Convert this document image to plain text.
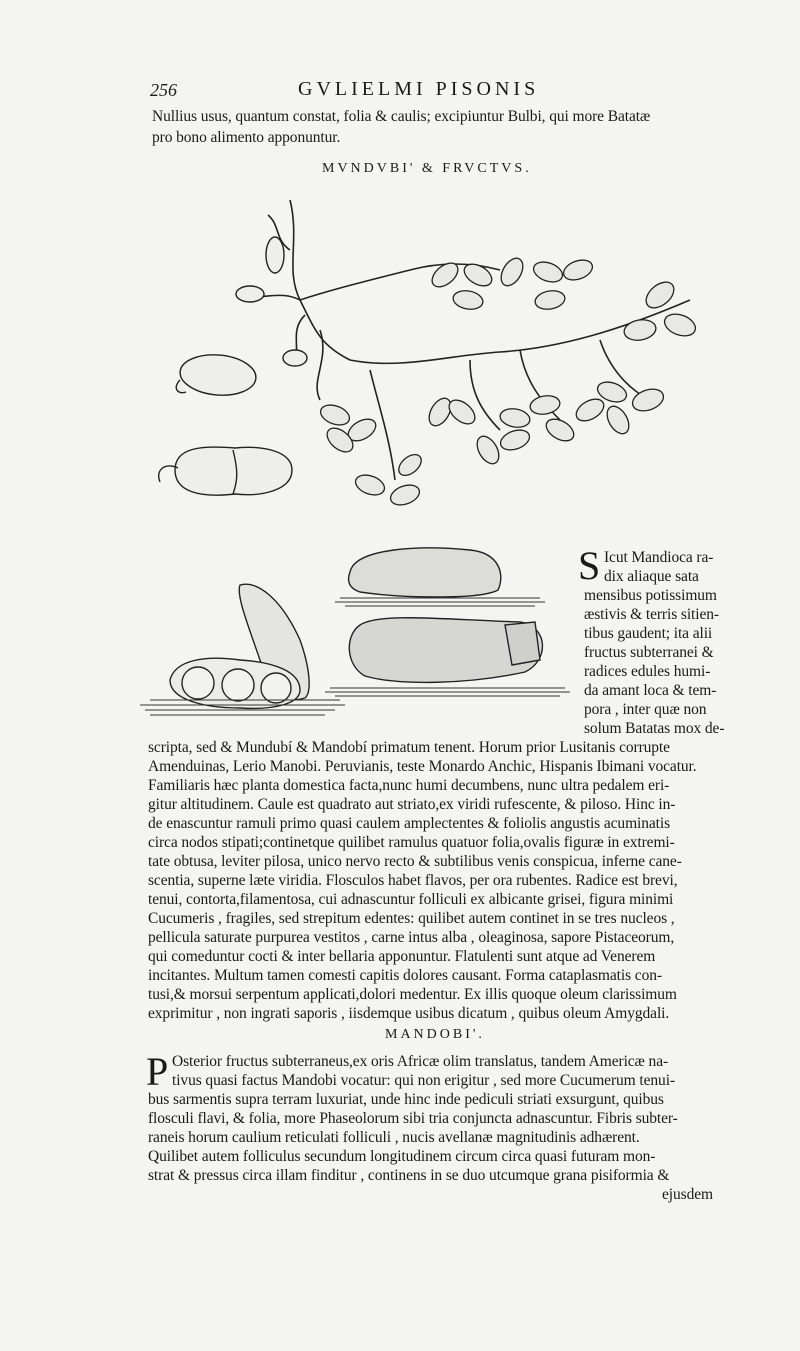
256	GVLIELMI PISONIS
Nullius usus, quantum constat, folia & caulis; excipiuntur Bulbi, qui more Batatæ
pro bono alimento apponuntur.
MVNDVBI' & FRVCTVS.
S Icut Mandioca ra-
dix aliaque sata
mensibus potissimum
æstivis & terris sitien-
tibus gaudent; ita alii
fructus subterranei &
radices edules humi-
da amant loca & tem-
pora , inter quæ non
solum Batatas mox de-
scripta, sed & Mundubí & Mandobí primatum tenent. Horum prior Lusitanis corrupte
Amenduinas, Lerio Manobi. Peruvianis, teste Monardo Anchic, Hispanis Ibimani vocatur.
Familiaris hæc planta domestica facta,nunc humi decumbens, nunc ultra pedalem eri-
gitur altitudinem. Caule est quadrato aut striato,ex viridi rufescente, & piloso. Hinc in-
de enascuntur ramuli primo quasi caulem amplectentes & foliolis angustis acuminatis
circa nodos stipati;continetque quilibet ramulus quatuor folia,ovalis figuræ in extremi-
tate obtusa, leviter pilosa, unico nervo recto & subtilibus venis conspicua, inferne cane-
scentia, superne læte viridia. Flosculos habet flavos, per ora rubentes. Radice est brevi,
tenui, contorta,filamentosa, cui adnascuntur folliculi ex albicante grisei, figura minimi
Cucumeris , fragiles, sed strepitum edentes: quilibet autem continet in se tres nucleos ,
pellicula saturate purpurea vestitos , carne intus alba , oleaginosa, sapore Pistaceorum,
qui comeduntur cocti & inter bellaria apponuntur. Flatulenti sunt atque ad Venerem
incitantes. Multum tamen comesti capitis dolores causant. Forma cataplasmatis con-
tusi,& morsui serpentum applicati,dolori medentur. Ex illis quoque oleum clarissimum
exprimitur , non ingrati saporis , iisdemque usibus dicatum , quibus oleum Amygdali.
MANDOBI'.
P Osterior fructus subterraneus,ex oris Africæ olim translatus, tandem Americæ na-
tivus quasi factus Mandobi vocatur: qui non erigitur , sed more Cucumerum tenui-
bus sarmentis supra terram luxuriat, unde hinc inde pediculi striati exsurgunt, quibus
flosculi flavi, & folia, more Phaseolorum sibi tria conjuncta adnascuntur. Fibris subter-
raneis horum caulium reticulati folliculi , nucis avellanæ magnitudinis adhærent.
Quilibet autem folliculus secundum longitudinem circum circa quasi futuram mon-
strat & pressus circa illam finditur , continens in se duo utcumque grana pisiformia &
ejusdem
